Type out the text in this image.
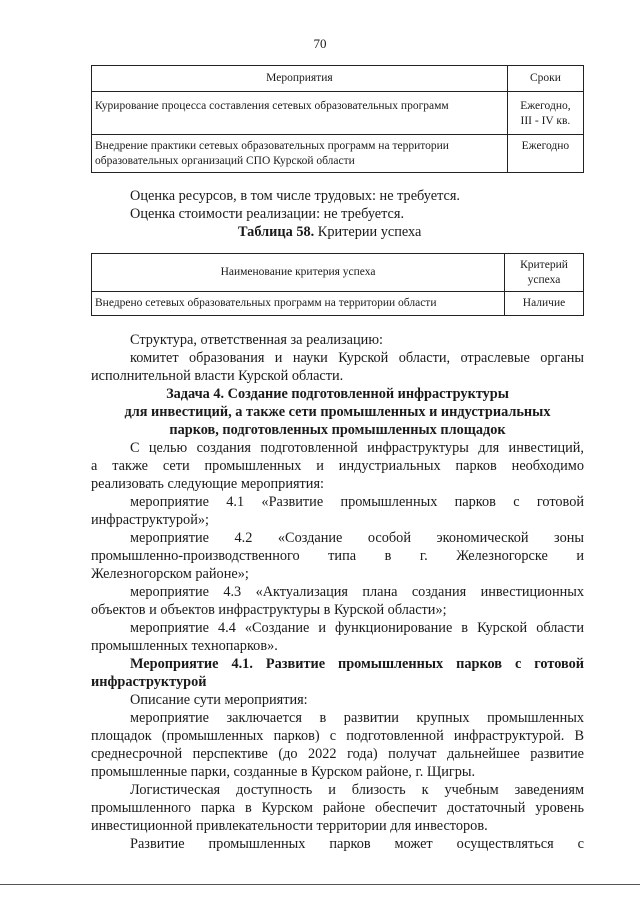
70
Мероприятия	Сроки
Курирование процесса составления сетевых образовательных программ	Ежегодно,
III - IV кв.
Внедрение практики сетевых образовательных программ на территории
образовательных организаций СПО Курской области	Ежегодно

Оценка ресурсов, в том числе трудовых: не требуется.

Оценка стоимости реализации: не требуется.

Таблица 58. Критерии успеха

Наименование критерия успеха	Критерий
успеха
Внедрено сетевых образовательных программ на территории области	Наличие

Структура, ответственная за реализацию:

комитет образования и науки Курской области, отраслевые органы

исполнительной власти Курской области.

Задача 4. Создание подготовленной инфраструктуры

для инвестиций, а также сети промышленных и индустриальных

парков, подготовленных промышленных площадок

С целью создания подготовленной инфраструктуры для инвестиций,

а также сети промышленных и индустриальных парков необходимо

реализовать следующие мероприятия:

мероприятие 4.1 «Развитие промышленных парков с готовой

инфраструктурой»;

мероприятие 4.2 «Создание особой экономической зоны

промышленно-производственного типа в г. Железногорске и

Железногорском районе»;

мероприятие 4.3 «Актуализация плана создания инвестиционных

объектов и объектов инфраструктуры в Курской области»;

мероприятие 4.4 «Создание и функционирование в Курской области

промышленных технопарков».

Мероприятие 4.1. Развитие промышленных парков с готовой

инфраструктурой

Описание сути мероприятия:

мероприятие заключается в развитии крупных промышленных

площадок (промышленных парков) с подготовленной инфраструктурой. В

среднесрочной перспективе (до 2022 года) получат дальнейшее развитие

промышленные парки, созданные в Курском районе, г. Щигры.

Логистическая доступность и близость к учебным заведениям

промышленного парка в Курском районе обеспечит достаточный уровень

инвестиционной привлекательности территории для инвесторов.

Развитие промышленных парков может осуществляться с
